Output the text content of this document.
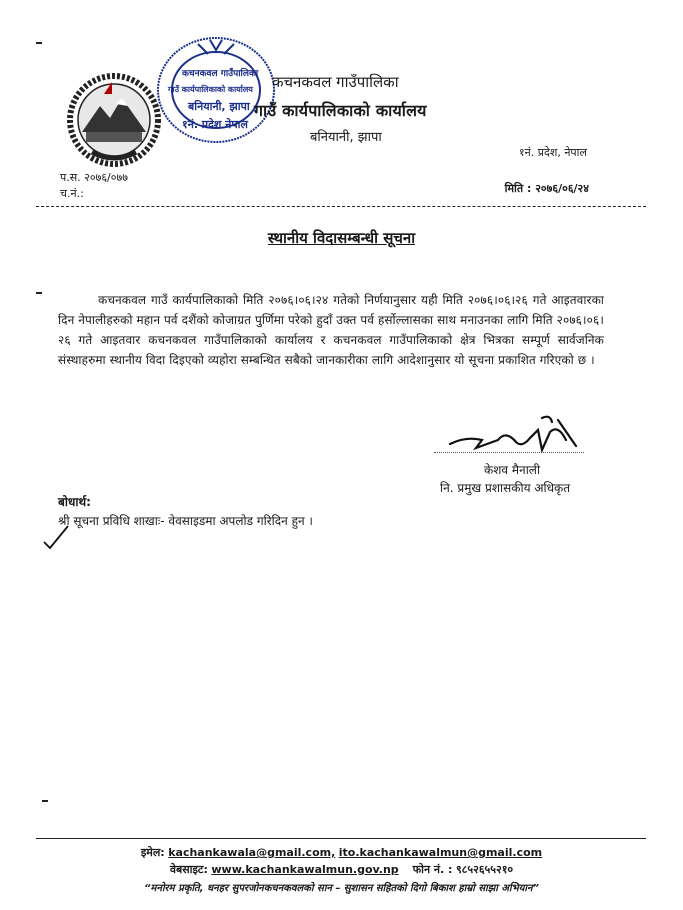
कचनकवल गाउँपालिका
गाउँ कार्यपालिकाको कार्यालय
बनियानी, झापा
१नं. प्रदेश नेपाल
कचनकवल गाउँपालिका
गाउँ कार्यपालिकाको कार्यालय
बनियानी, झापा
१नं. प्रदेश, नेपाल
प.स. २०७६/०७७
च.नं.:	मिति : २०७६/०६/२४
स्थानीय विदासम्बन्धी सूचना
कचनकवल गाउँ कार्यपालिकाको मिति २०७६।०६।२४ गतेको निर्णयानुसार यही मिति २०७६।०६।२६ गते आइतवारका दिन नेपालीहरुको महान पर्व दशैंको कोजाग्रत पुर्णिमा परेको हुदाँ उक्त पर्व हर्सोल्लासका साथ मनाउनका लागि मिति २०७६।०६।२६ गते आइतवार कचनकवल गाउँपालिकाको कार्यालय र कचनकवल गाउँपालिकाको क्षेत्र भित्रका सम्पूर्ण सार्वजनिक संस्थाहरुमा स्थानीय विदा दिइएको व्यहोरा सम्बन्धित सबैको जानकारीका लागि आदेशानुसार यो सूचना प्रकाशित गरिएको छ ।
केशव मैनाली
नि. प्रमुख प्रशासकीय अधिकृत
बोधार्थ:
श्री सूचना प्रविधि शाखाः- वेवसाइडमा अपलोड गरिदिन हुन ।
इमेल: kachankawala@gmail.com, ito.kachankawalmun@gmail.com
वेबसाइट: www.kachankawalmun.gov.np फोन नं. : ९८५२६५५२१०
“मनोरम प्रकृति, धनहर सुपरजोनकचनकवलको सान – सुशासन सहितको दिगो बिकाश हाम्रो साझा अभियान”
